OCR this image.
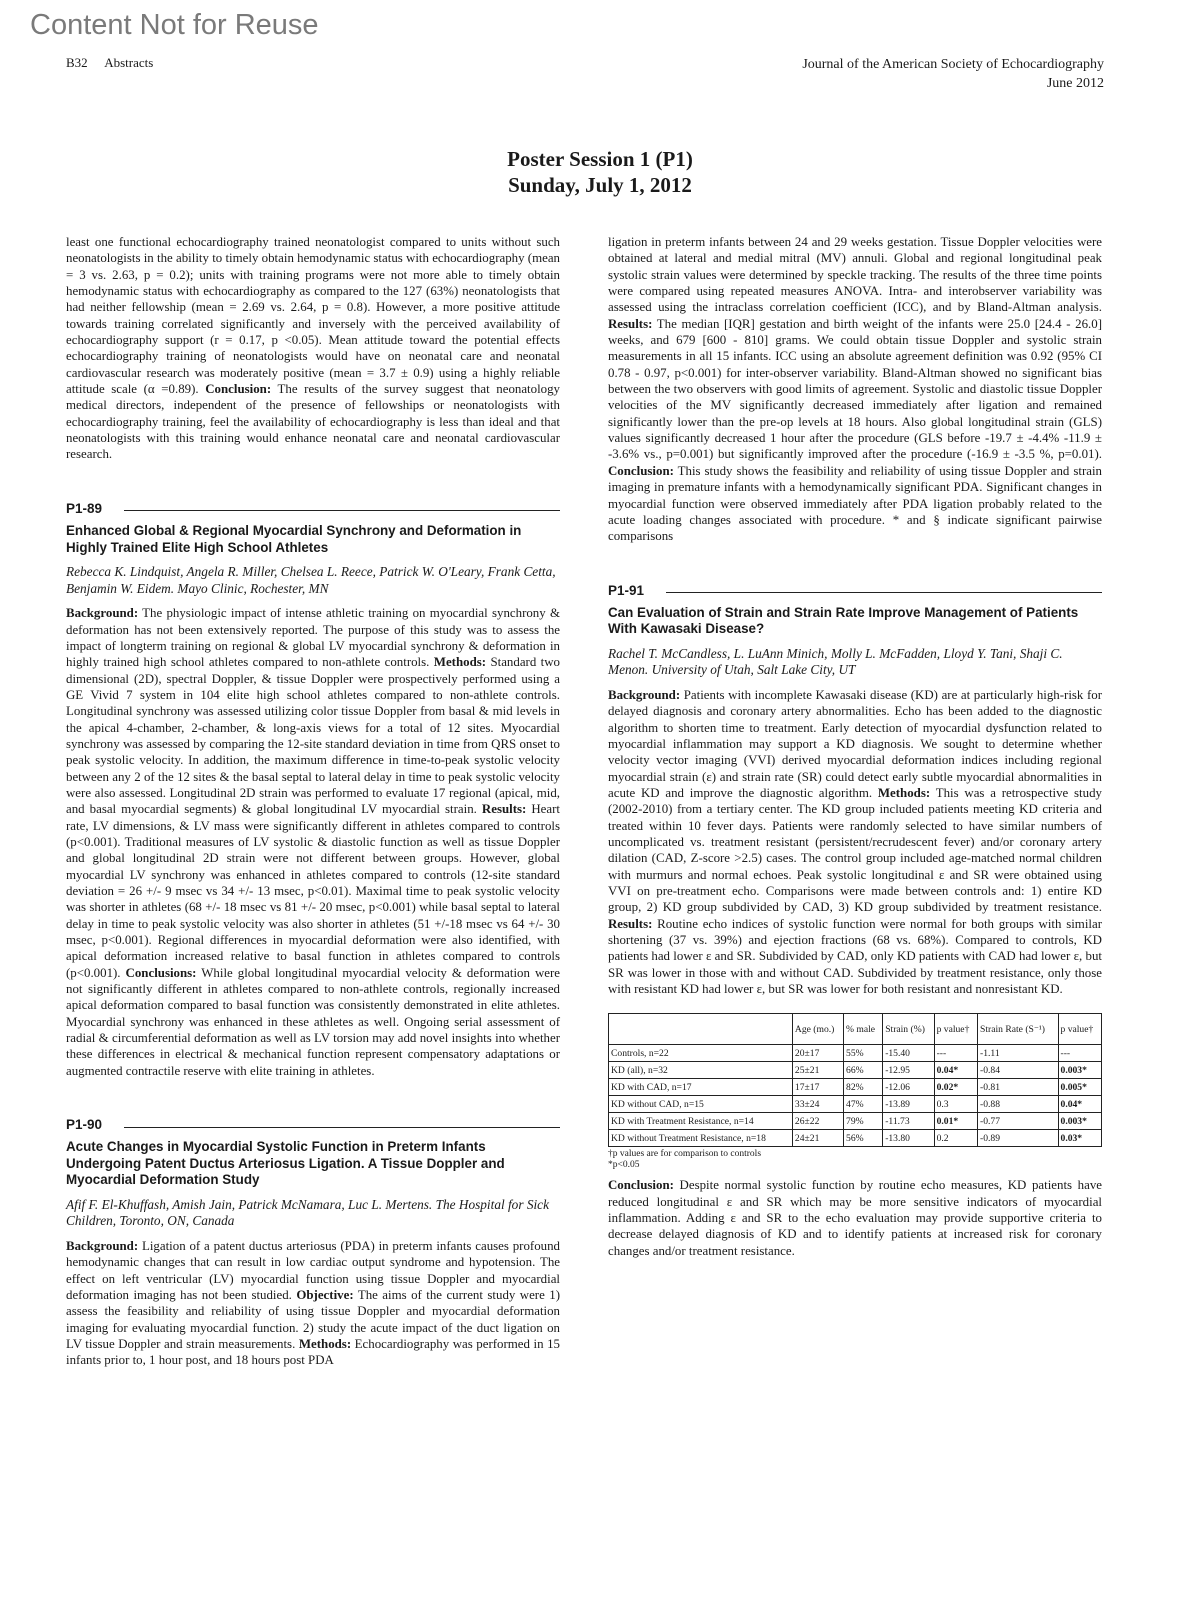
Content Not for Reuse
B32 Abstracts	Journal of the American Society of Echocardiography
June 2012
Poster Session 1 (P1)
Sunday, July 1, 2012

least one functional echocardiography trained neonatologist compared to units without such neonatologists in the ability to timely obtain hemodynamic status with echocardiography (mean = 3 vs. 2.63, p = 0.2); units with training programs were not more able to timely obtain hemodynamic status with echocardiography as compared to the 127 (63%) neonatologists that had neither fellowship (mean = 2.69 vs. 2.64, p = 0.8). However, a more positive attitude towards training correlated significantly and inversely with the perceived availability of echocardiography support (r = 0.17, p <0.05). Mean attitude toward the potential effects echocardiography training of neonatologists would have on neonatal care and neonatal cardiovascular research was moderately positive (mean = 3.7 ± 0.9) using a highly reliable attitude scale (α =0.89). Conclusion: The results of the survey suggest that neonatology medical directors, independent of the presence of fellowships or neonatologists with echocardiography training, feel the availability of echocardiography is less than ideal and that neonatologists with this training would enhance neonatal care and neonatal cardiovascular research.

P1-89
Enhanced Global & Regional Myocardial Synchrony and Deformation in Highly Trained Elite High School Athletes
Rebecca K. Lindquist, Angela R. Miller, Chelsea L. Reece, Patrick W. O'Leary, Frank Cetta, Benjamin W. Eidem. Mayo Clinic, Rochester, MN

Background: The physiologic impact of intense athletic training on myocardial synchrony & deformation has not been extensively reported. The purpose of this study was to assess the impact of longterm training on regional & global LV myocardial synchrony & deformation in highly trained high school athletes compared to non-athlete controls. Methods: Standard two dimensional (2D), spectral Doppler, & tissue Doppler were prospectively performed using a GE Vivid 7 system in 104 elite high school athletes compared to non-athlete controls. Longitudinal synchrony was assessed utilizing color tissue Doppler from basal & mid levels in the apical 4-chamber, 2-chamber, & long-axis views for a total of 12 sites. Myocardial synchrony was assessed by comparing the 12-site standard deviation in time from QRS onset to peak systolic velocity. In addition, the maximum difference in time-to-peak systolic velocity between any 2 of the 12 sites & the basal septal to lateral delay in time to peak systolic velocity were also assessed. Longitudinal 2D strain was performed to evaluate 17 regional (apical, mid, and basal myocardial segments) & global longitudinal LV myocardial strain. Results: Heart rate, LV dimensions, & LV mass were significantly different in athletes compared to controls (p<0.001). Traditional measures of LV systolic & diastolic function as well as tissue Doppler and global longitudinal 2D strain were not different between groups. However, global myocardial LV synchrony was enhanced in athletes compared to controls (12-site standard deviation = 26 +/- 9 msec vs 34 +/- 13 msec, p<0.01). Maximal time to peak systolic velocity was shorter in athletes (68 +/- 18 msec vs 81 +/- 20 msec, p<0.001) while basal septal to lateral delay in time to peak systolic velocity was also shorter in athletes (51 +/-18 msec vs 64 +/- 30 msec, p<0.001). Regional differences in myocardial deformation were also identified, with apical deformation increased relative to basal function in athletes compared to controls (p<0.001). Conclusions: While global longitudinal myocardial velocity & deformation were not significantly different in athletes compared to non-athlete controls, regionally increased apical deformation compared to basal function was consistently demonstrated in elite athletes. Myocardial synchrony was enhanced in these athletes as well. Ongoing serial assessment of radial & circumferential deformation as well as LV torsion may add novel insights into whether these differences in electrical & mechanical function represent compensatory adaptations or augmented contractile reserve with elite training in athletes.

P1-90
Acute Changes in Myocardial Systolic Function in Preterm Infants Undergoing Patent Ductus Arteriosus Ligation. A Tissue Doppler and Myocardial Deformation Study
Afif F. El-Khuffash, Amish Jain, Patrick McNamara, Luc L. Mertens. The Hospital for Sick Children, Toronto, ON, Canada

Background: Ligation of a patent ductus arteriosus (PDA) in preterm infants causes profound hemodynamic changes that can result in low cardiac output syndrome and hypotension. The effect on left ventricular (LV) myocardial function using tissue Doppler and myocardial deformation imaging has not been studied. Objective: The aims of the current study were 1) assess the feasibility and reliability of using tissue Doppler and myocardial deformation imaging for evaluating myocardial function. 2) study the acute impact of the duct ligation on LV tissue Doppler and strain measurements. Methods: Echocardiography was performed in 15 infants prior to, 1 hour post, and 18 hours post PDA

ligation in preterm infants between 24 and 29 weeks gestation. Tissue Doppler velocities were obtained at lateral and medial mitral (MV) annuli. Global and regional longitudinal peak systolic strain values were determined by speckle tracking. The results of the three time points were compared using repeated measures ANOVA. Intra- and interobserver variability was assessed using the intraclass correlation coefficient (ICC), and by Bland-Altman analysis. Results: The median [IQR] gestation and birth weight of the infants were 25.0 [24.4 - 26.0] weeks, and 679 [600 - 810] grams. We could obtain tissue Doppler and systolic strain measurements in all 15 infants. ICC using an absolute agreement definition was 0.92 (95% CI 0.78 - 0.97, p<0.001) for inter-observer variability. Bland-Altman showed no significant bias between the two observers with good limits of agreement. Systolic and diastolic tissue Doppler velocities of the MV significantly decreased immediately after ligation and remained significantly lower than the pre-op levels at 18 hours. Also global longitudinal strain (GLS) values significantly decreased 1 hour after the procedure (GLS before -19.7 ± -4.4% -11.9 ± -3.6% vs., p=0.001) but significantly improved after the procedure (-16.9 ± -3.5 %, p=0.01). Conclusion: This study shows the feasibility and reliability of using tissue Doppler and strain imaging in premature infants with a hemodynamically significant PDA. Significant changes in myocardial function were observed immediately after PDA ligation probably related to the acute loading changes associated with procedure. * and § indicate significant pairwise comparisons

P1-91
Can Evaluation of Strain and Strain Rate Improve Management of Patients With Kawasaki Disease?
Rachel T. McCandless, L. LuAnn Minich, Molly L. McFadden, Lloyd Y. Tani, Shaji C. Menon. University of Utah, Salt Lake City, UT

Background: Patients with incomplete Kawasaki disease (KD) are at particularly high-risk for delayed diagnosis and coronary artery abnormalities. Echo has been added to the diagnostic algorithm to shorten time to treatment. Early detection of myocardial dysfunction related to myocardial inflammation may support a KD diagnosis. We sought to determine whether velocity vector imaging (VVI) derived myocardial deformation indices including regional myocardial strain (ε) and strain rate (SR) could detect early subtle myocardial abnormalities in acute KD and improve the diagnostic algorithm. Methods: This was a retrospective study (2002-2010) from a tertiary center. The KD group included patients meeting KD criteria and treated within 10 fever days. Patients were randomly selected to have similar numbers of uncomplicated vs. treatment resistant (persistent/recrudescent fever) and/or coronary artery dilation (CAD, Z-score >2.5) cases. The control group included age-matched normal children with murmurs and normal echoes. Peak systolic longitudinal ε and SR were obtained using VVI on pre-treatment echo. Comparisons were made between controls and: 1) entire KD group, 2) KD group subdivided by CAD, 3) KD group subdivided by treatment resistance. Results: Routine echo indices of systolic function were normal for both groups with similar shortening (37 vs. 39%) and ejection fractions (68 vs. 68%). Compared to controls, KD patients had lower ε and SR. Subdivided by CAD, only KD patients with CAD had lower ε, but SR was lower in those with and without CAD. Subdivided by treatment resistance, only those with resistant KD had lower ε, but SR was lower for both resistant and nonresistant KD.

	Age (mo.)	% male	Strain (%)	p value†	Strain Rate (S⁻¹)	p value†
Controls, n=22	20±17	55%	-15.40	---	-1.11	---
KD (all), n=32	25±21	66%	-12.95	0.04*	-0.84	0.003*
KD with CAD, n=17	17±17	82%	-12.06	0.02*	-0.81	0.005*
KD without CAD, n=15	33±24	47%	-13.89	0.3	-0.88	0.04*
KD with Treatment Resistance, n=14	26±22	79%	-11.73	0.01*	-0.77	0.003*
KD without Treatment Resistance, n=18	24±21	56%	-13.80	0.2	-0.89	0.03*
†p values are for comparison to controls
*p<0.05

Conclusion: Despite normal systolic function by routine echo measures, KD patients have reduced longitudinal ε and SR which may be more sensitive indicators of myocardial inflammation. Adding ε and SR to the echo evaluation may provide supportive criteria to decrease delayed diagnosis of KD and to identify patients at increased risk for coronary changes and/or treatment resistance.
